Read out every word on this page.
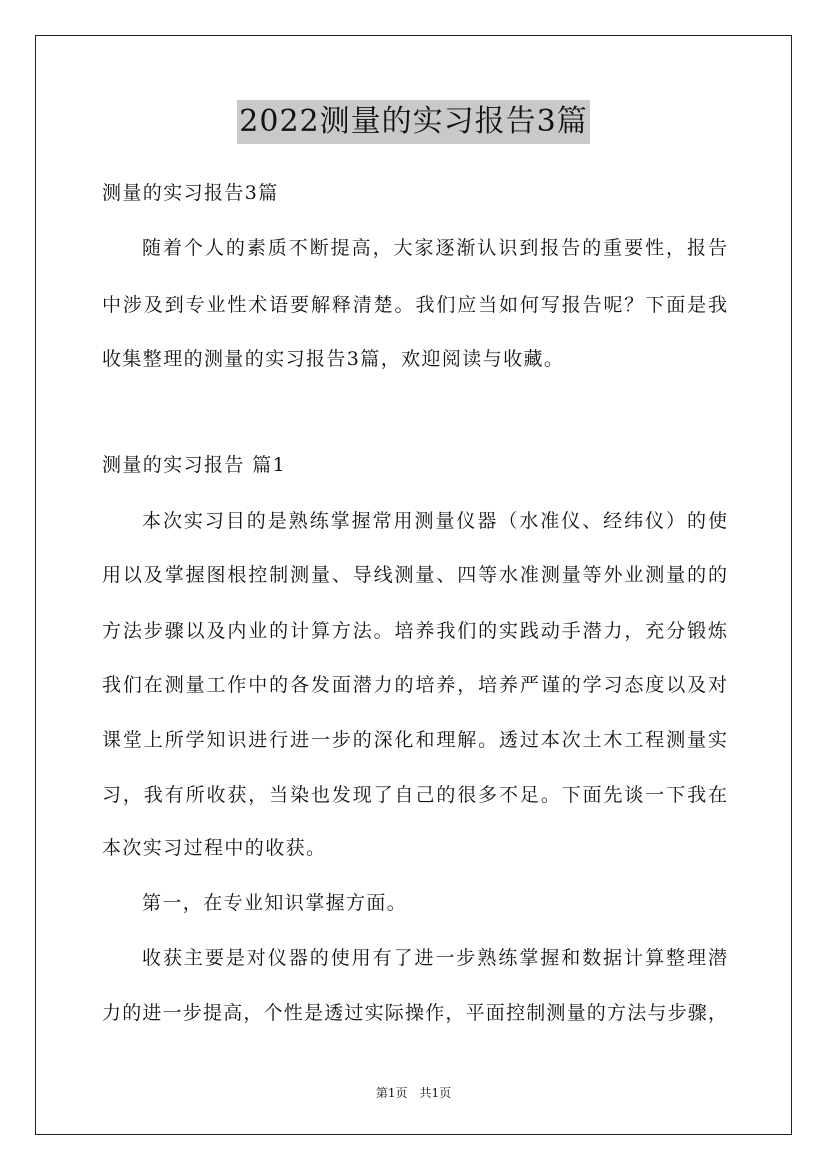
2022测量的实习报告3篇
测量的实习报告3篇
随着个人的素质不断提高，大家逐渐认识到报告的重要性，报告
中涉及到专业性术语要解释清楚。我们应当如何写报告呢？下面是我
收集整理的测量的实习报告3篇，欢迎阅读与收藏。
测量的实习报告 篇1
本次实习目的是熟练掌握常用测量仪器（水准仪、经纬仪）的使
用以及掌握图根控制测量、导线测量、四等水准测量等外业测量的的
方法步骤以及内业的计算方法。培养我们的实践动手潜力，充分锻炼
我们在测量工作中的各发面潜力的培养，培养严谨的学习态度以及对
课堂上所学知识进行进一步的深化和理解。透过本次土木工程测量实
习，我有所收获，当染也发现了自己的很多不足。下面先谈一下我在
本次实习过程中的收获。
第一，在专业知识掌握方面。
收获主要是对仪器的使用有了进一步熟练掌握和数据计算整理潜
力的进一步提高，个性是透过实际操作，平面控制测量的方法与步骤，
第1页　共1页
